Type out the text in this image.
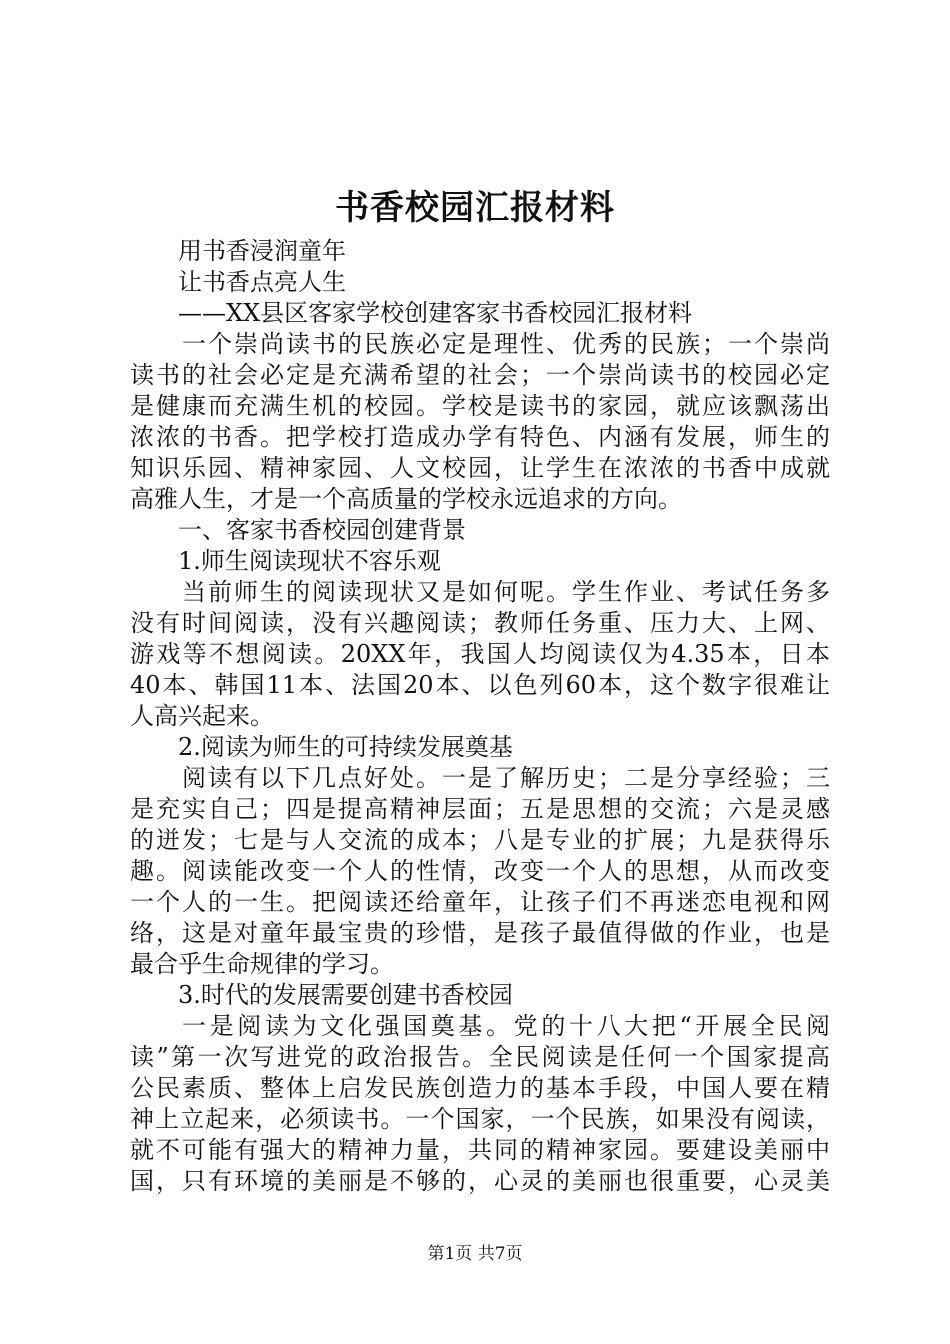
书香校园汇报材料
用书香浸润童年
让书香点亮人生
——XX县区客家学校创建客家书香校园汇报材料
一个崇尚读书的民族必定是理性、优秀的民族；一个崇尚
读书的社会必定是充满希望的社会；一个崇尚读书的校园必定
是健康而充满生机的校园。学校是读书的家园，就应该飘荡出
浓浓的书香。把学校打造成办学有特色、内涵有发展，师生的
知识乐园、精神家园、人文校园，让学生在浓浓的书香中成就
高雅人生，才是一个高质量的学校永远追求的方向。
一、客家书香校园创建背景
1.师生阅读现状不容乐观
当前师生的阅读现状又是如何呢。学生作业、考试任务多
没有时间阅读，没有兴趣阅读；教师任务重、压力大、上网、
游戏等不想阅读。20XX年，我国人均阅读仅为4.35本，日本
40本、韩国11本、法国20本、以色列60本，这个数字很难让
人高兴起来。
2.阅读为师生的可持续发展奠基
阅读有以下几点好处。一是了解历史；二是分享经验；三
是充实自己；四是提高精神层面；五是思想的交流；六是灵感
的迸发；七是与人交流的成本；八是专业的扩展；九是获得乐
趣。阅读能改变一个人的性情，改变一个人的思想，从而改变
一个人的一生。把阅读还给童年，让孩子们不再迷恋电视和网
络，这是对童年最宝贵的珍惜，是孩子最值得做的作业，也是
最合乎生命规律的学习。
3.时代的发展需要创建书香校园
一是阅读为文化强国奠基。党的十八大把“开展全民阅
读”第一次写进党的政治报告。全民阅读是任何一个国家提高
公民素质、整体上启发民族创造力的基本手段，中国人要在精
神上立起来，必须读书。一个国家，一个民族，如果没有阅读，
就不可能有强大的精神力量，共同的精神家园。要建设美丽中
国，只有环境的美丽是不够的，心灵的美丽也很重要，心灵美
第1页 共7页
